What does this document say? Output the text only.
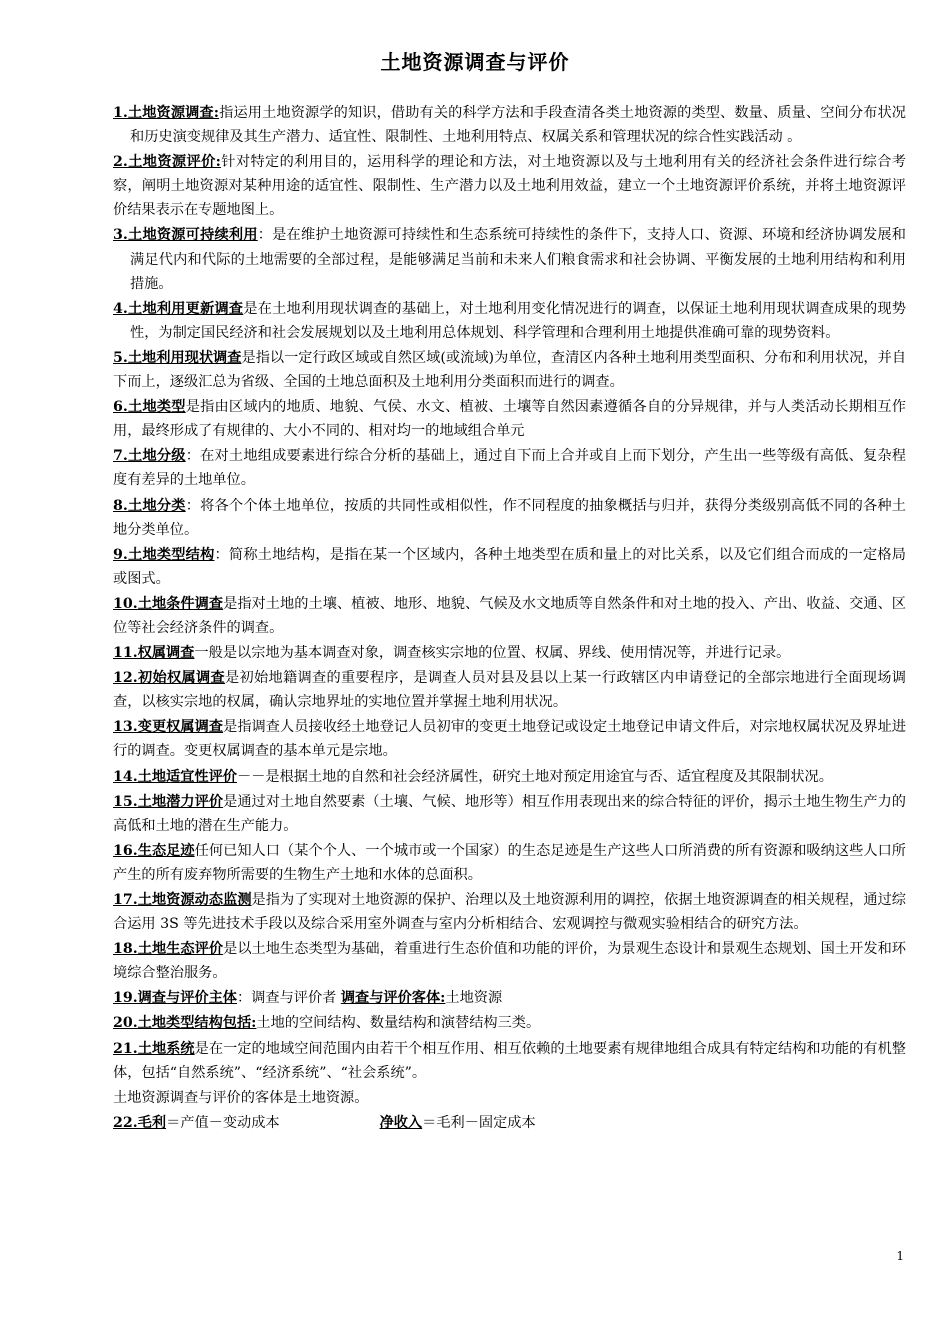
土地资源调查与评价

1.土地资源调查:指运用土地资源学的知识，借助有关的科学方法和手段查清各类土地资源的类型、数量、质量、空间分布状况和历史演变规律及其生产潜力、适宜性、限制性、土地利用特点、权属关系和管理状况的综合性实践活动 。

2.土地资源评价:针对特定的利用目的，运用科学的理论和方法，对土地资源以及与土地利用有关的经济社会条件进行综合考察，阐明土地资源对某种用途的适宜性、限制性、生产潜力以及土地利用效益，建立一个土地资源评价系统，并将土地资源评价结果表示在专题地图上。

3.土地资源可持续利用：是在维护土地资源可持续性和生态系统可持续性的条件下，支持人口、资源、环境和经济协调发展和满足代内和代际的土地需要的全部过程，是能够满足当前和未来人们粮食需求和社会协调、平衡发展的土地利用结构和利用措施。

4.土地利用更新调查是在土地利用现状调查的基础上，对土地利用变化情况进行的调查，以保证土地利用现状调查成果的现势性，为制定国民经济和社会发展规划以及土地利用总体规划、科学管理和合理利用土地提供准确可靠的现势资料。

5.土地利用现状调查是指以一定行政区域或自然区域(或流域)为单位，查清区内各种土地利用类型面积、分布和利用状况，并自下而上，逐级汇总为省级、全国的土地总面积及土地利用分类面积而进行的调查。

6.土地类型是指由区域内的地质、地貌、气侯、水文、植被、土壤等自然因素遵循各自的分异规律，并与人类活动长期相互作用，最终形成了有规律的、大小不同的、相对均一的地域组合单元

7.土地分级：在对土地组成要素进行综合分析的基础上，通过自下而上合并或自上而下划分，产生出一些等级有高低、复杂程度有差异的土地单位。

8.土地分类：将各个个体土地单位，按质的共同性或相似性，作不同程度的抽象概括与归并，获得分类级别高低不同的各种土地分类单位。

9.土地类型结构：简称土地结构，是指在某一个区域内，各种土地类型在质和量上的对比关系，以及它们组合而成的一定格局或图式。

10.土地条件调查是指对土地的土壤、植被、地形、地貌、气候及水文地质等自然条件和对土地的投入、产出、收益、交通、区位等社会经济条件的调查。

11.权属调查一般是以宗地为基本调查对象，调查核实宗地的位置、权属、界线、使用情况等，并进行记录。

12.初始权属调查是初始地籍调查的重要程序，是调查人员对县及县以上某一行政辖区内申请登记的全部宗地进行全面现场调查，以核实宗地的权属，确认宗地界址的实地位置并掌握土地利用状况。

13.变更权属调查是指调查人员接收经土地登记人员初审的变更土地登记或设定土地登记申请文件后，对宗地权属状况及界址进行的调查。变更权属调查的基本单元是宗地。

14.土地适宜性评价－－是根据土地的自然和社会经济属性，研究土地对预定用途宜与否、适宜程度及其限制状况。

15.土地潜力评价是通过对土地自然要素（土壤、气候、地形等）相互作用表现出来的综合特征的评价，揭示土地生物生产力的高低和土地的潜在生产能力。

16.生态足迹任何已知人口（某个个人、一个城市或一个国家）的生态足迹是生产这些人口所消费的所有资源和吸纳这些人口所产生的所有废弃物所需要的生物生产土地和水体的总面积。

17.土地资源动态监测是指为了实现对土地资源的保护、治理以及土地资源利用的调控，依据土地资源调查的相关规程，通过综合运用 3S 等先进技术手段以及综合采用室外调查与室内分析相结合、宏观调控与微观实验相结合的研究方法。

18.土地生态评价是以土地生态类型为基础，着重进行生态价值和功能的评价，为景观生态设计和景观生态规划、国土开发和环境综合整治服务。

19.调查与评价主体：调查与评价者 调查与评价客体:土地资源

20.土地类型结构包括:土地的空间结构、数量结构和演替结构三类。

21.土地系统是在一定的地域空间范围内由若干个相互作用、相互依赖的土地要素有规律地组合成具有特定结构和功能的有机整体，包括“自然系统”、“经济系统”、“社会系统”。

土地资源调查与评价的客体是土地资源。

22.毛利＝产值－变动成本	净收入＝毛利－固定成本

1
